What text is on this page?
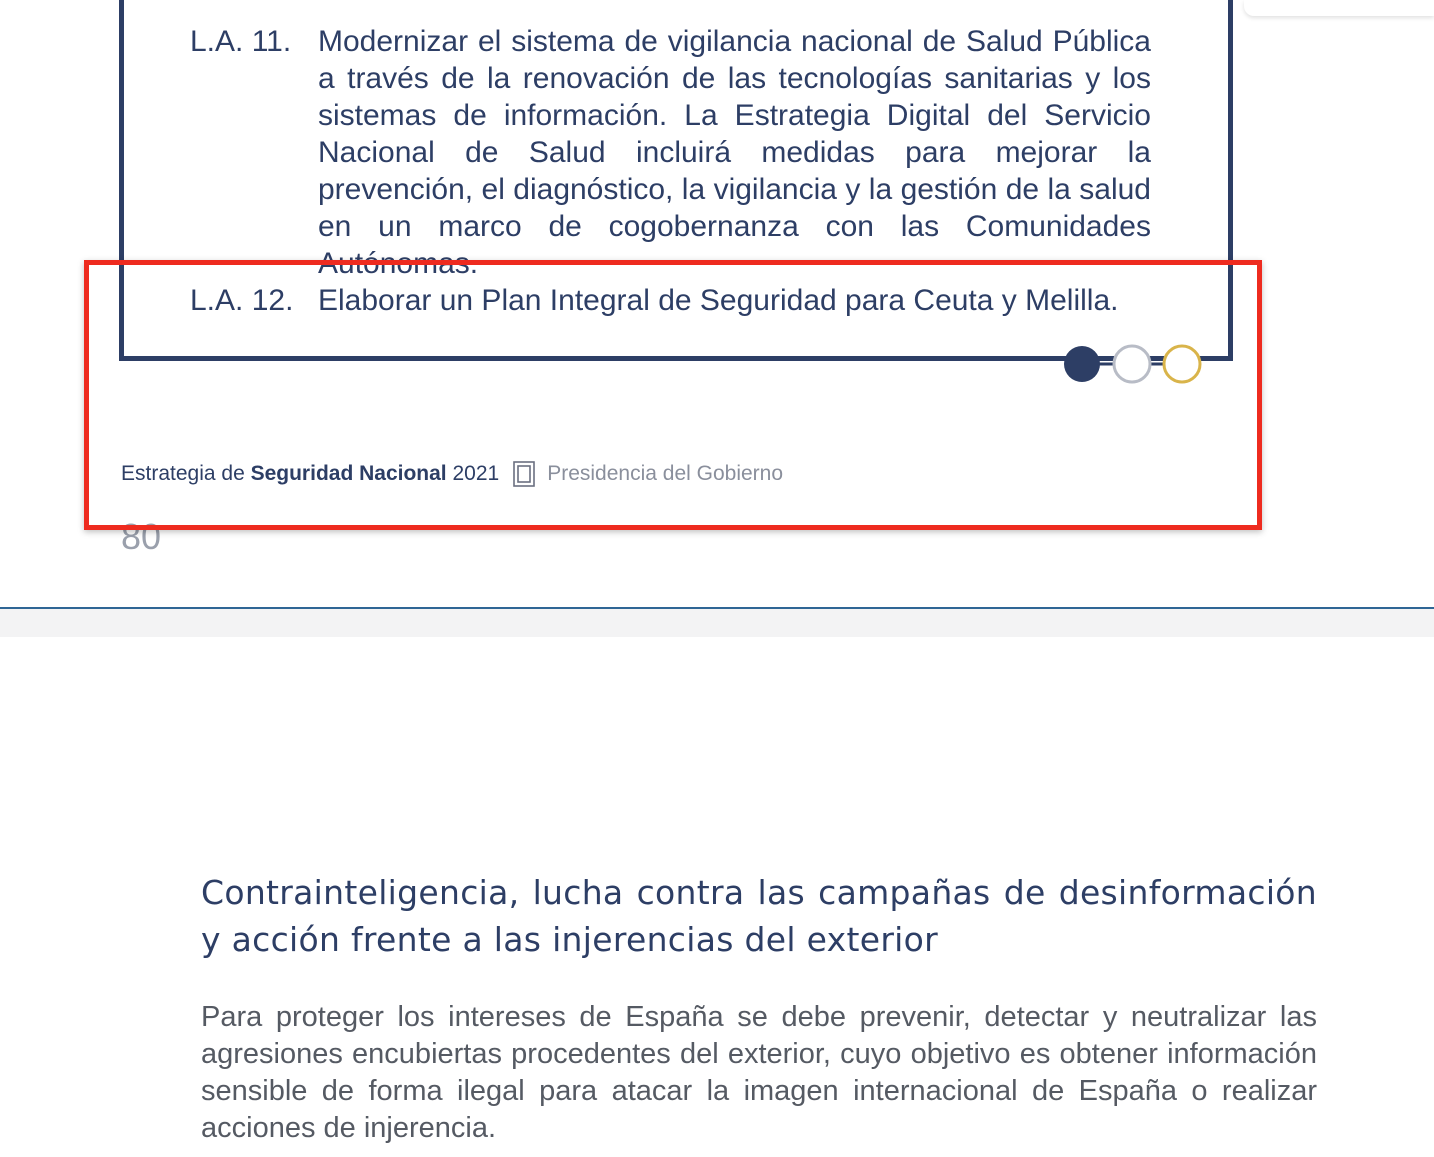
L.A. 11. Modernizar el sistema de vigilancia nacional de Salud Pública a través de la renovación de las tecnologías sanitarias y los sistemas de información. La Estrategia Digital del Servicio Nacional de Salud incluirá medidas para mejorar la prevención, el diagnóstico, la vigilancia y la gestión de la salud en un marco de cogobernanza con las Comunidades Autónomas.
L.A. 12. Elaborar un Plan Integral de Seguridad para Ceuta y Melilla.
Estrategia de
Seguridad Nacional
2021 Presidencia del Gobierno
80
Contrainteligencia, lucha contra las campañas de desinformación y acción frente a las injerencias del exterior
Para proteger los intereses de España se debe prevenir, detectar y neutralizar las agresiones encubiertas procedentes del exterior, cuyo objetivo es obtener información sensible de forma ilegal para atacar la imagen internacional de España o realizar acciones de injerencia.
